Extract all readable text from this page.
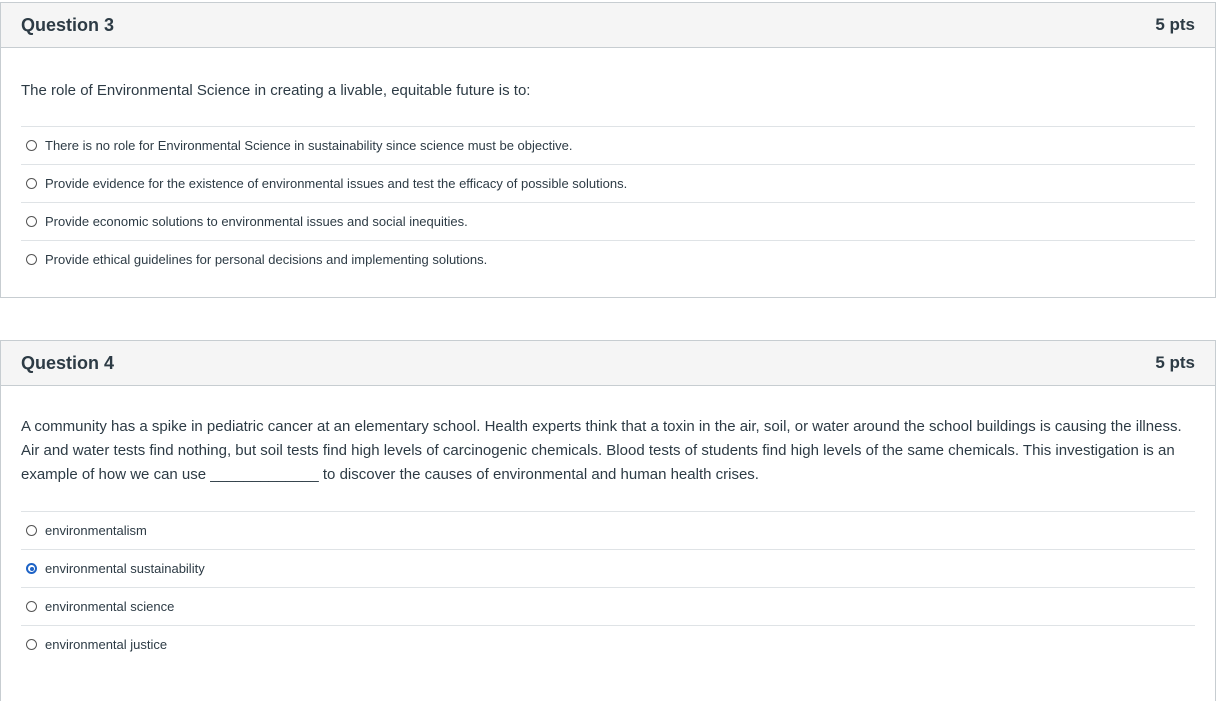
Question 3	5 pts
The role of Environmental Science in creating a livable, equitable future is to:
There is no role for Environmental Science in sustainability since science must be objective.
Provide evidence for the existence of environmental issues and test the efficacy of possible solutions.
Provide economic solutions to environmental issues and social inequities.
Provide ethical guidelines for personal decisions and implementing solutions.
Question 4	5 pts
A community has a spike in pediatric cancer at an elementary school. Health experts think that a toxin in the air, soil, or water around the school buildings is causing the illness. Air and water tests find nothing, but soil tests find high levels of carcinogenic chemicals. Blood tests of students find high levels of the same chemicals. This investigation is an example of how we can use _____________ to discover the causes of environmental and human health crises.
environmentalism
environmental sustainability
environmental science
environmental justice
